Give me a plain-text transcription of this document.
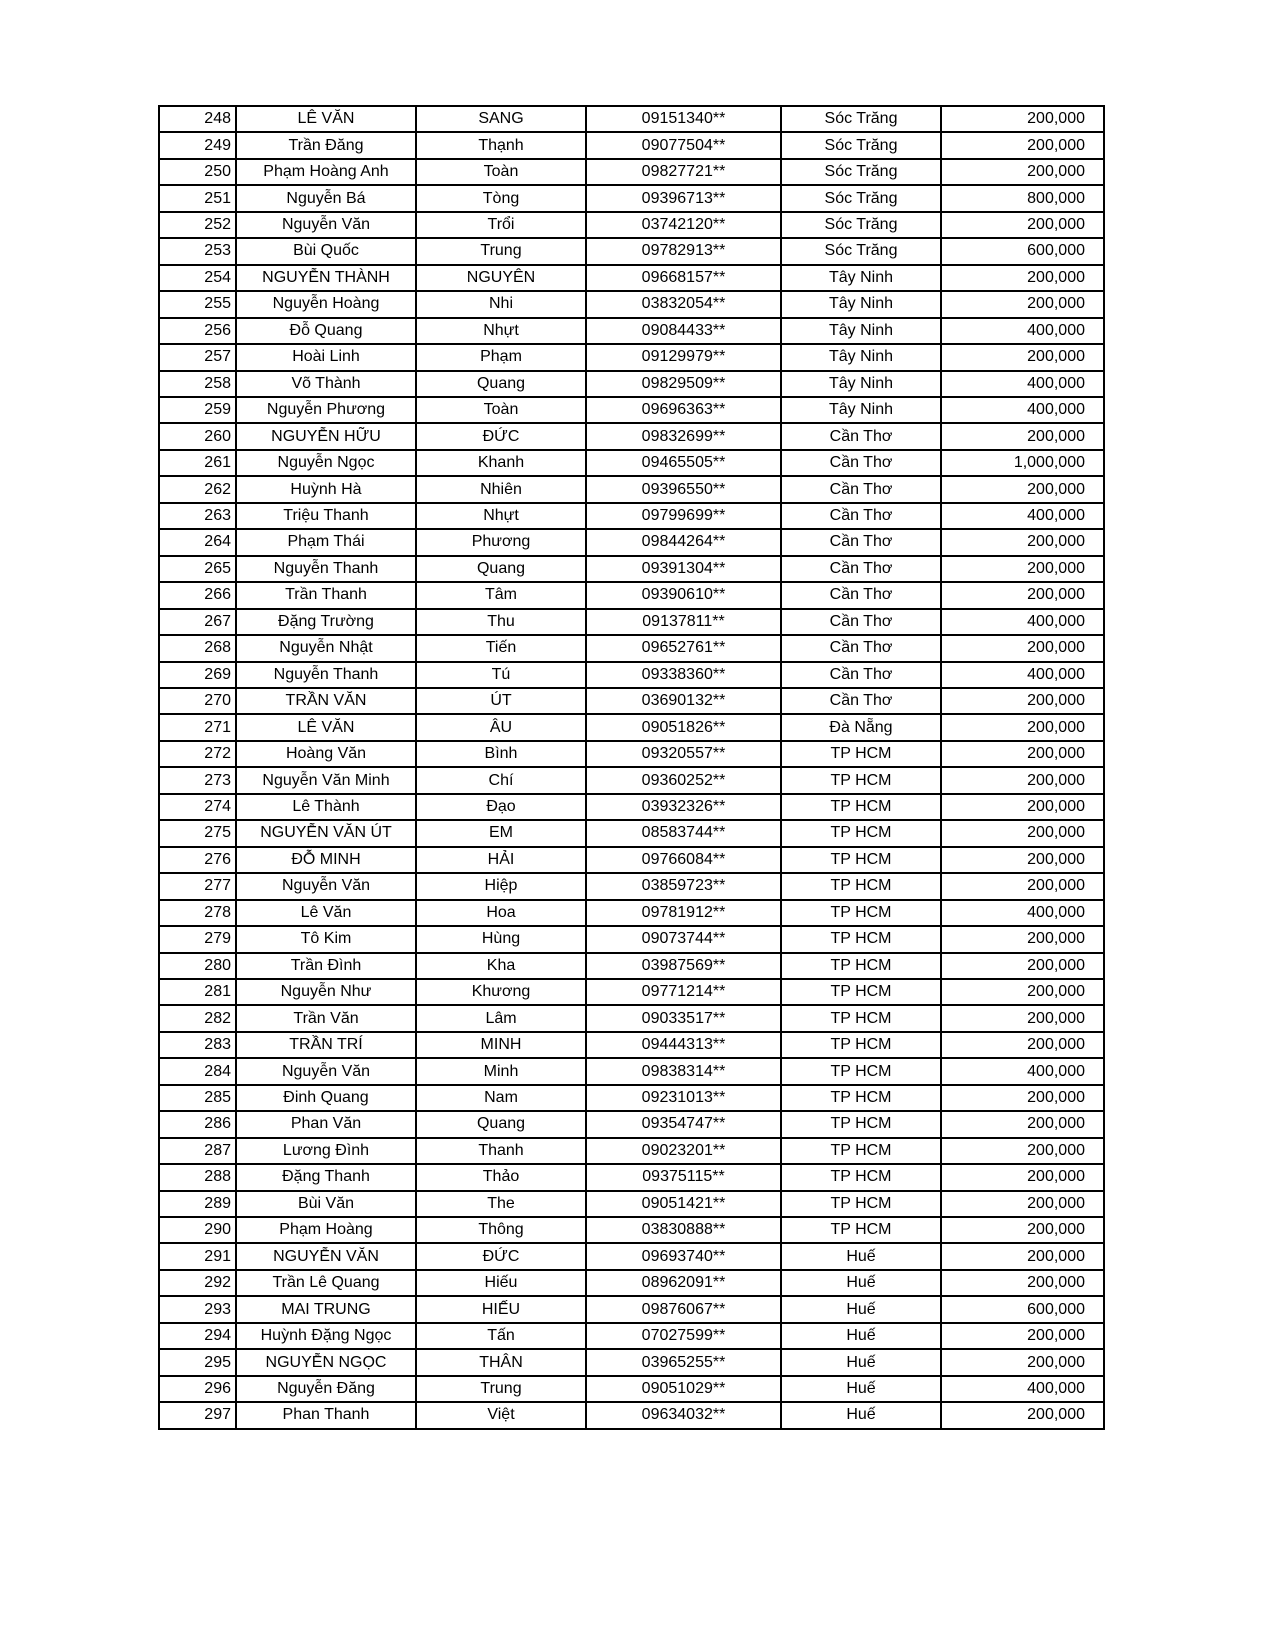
248	LÊ VĂN	SANG	09151340**	Sóc Trăng	200,000
249	Trần Đăng	Thạnh	09077504**	Sóc Trăng	200,000
250	Phạm Hoàng Anh	Toàn	09827721**	Sóc Trăng	200,000
251	Nguyễn Bá	Tòng	09396713**	Sóc Trăng	800,000
252	Nguyễn Văn	Trổi	03742120**	Sóc Trăng	200,000
253	Bùi Quốc	Trung	09782913**	Sóc Trăng	600,000
254	NGUYỄN THÀNH	NGUYÊN	09668157**	Tây Ninh	200,000
255	Nguyễn Hoàng	Nhi	03832054**	Tây Ninh	200,000
256	Đỗ Quang	Nhựt	09084433**	Tây Ninh	400,000
257	Hoài Linh	Phạm	09129979**	Tây Ninh	200,000
258	Võ Thành	Quang	09829509**	Tây Ninh	400,000
259	Nguyễn Phương	Toàn	09696363**	Tây Ninh	400,000
260	NGUYỄN HỮU	ĐỨC	09832699**	Cần Thơ	200,000
261	Nguyễn Ngọc	Khanh	09465505**	Cần Thơ	1,000,000
262	Huỳnh Hà	Nhiên	09396550**	Cần Thơ	200,000
263	Triệu Thanh	Nhựt	09799699**	Cần Thơ	400,000
264	Phạm Thái	Phương	09844264**	Cần Thơ	200,000
265	Nguyễn Thanh	Quang	09391304**	Cần Thơ	200,000
266	Trần Thanh	Tâm	09390610**	Cần Thơ	200,000
267	Đặng Trường	Thu	09137811**	Cần Thơ	400,000
268	Nguyễn Nhật	Tiến	09652761**	Cần Thơ	200,000
269	Nguyễn Thanh	Tú	09338360**	Cần Thơ	400,000
270	TRẦN VĂN	ÚT	03690132**	Cần Thơ	200,000
271	LÊ VĂN	ÂU	09051826**	Đà Nẵng	200,000
272	Hoàng Văn	Bình	09320557**	TP HCM	200,000
273	Nguyễn Văn Minh	Chí	09360252**	TP HCM	200,000
274	Lê Thành	Đạo	03932326**	TP HCM	200,000
275	NGUYỄN VĂN ÚT	EM	08583744**	TP HCM	200,000
276	ĐỖ MINH	HẢI	09766084**	TP HCM	200,000
277	Nguyễn Văn	Hiệp	03859723**	TP HCM	200,000
278	Lê Văn	Hoa	09781912**	TP HCM	400,000
279	Tô Kim	Hùng	09073744**	TP HCM	200,000
280	Trần Đình	Kha	03987569**	TP HCM	200,000
281	Nguyễn Như	Khương	09771214**	TP HCM	200,000
282	Trần Văn	Lâm	09033517**	TP HCM	200,000
283	TRẦN TRÍ	MINH	09444313**	TP HCM	200,000
284	Nguyễn Văn	Minh	09838314**	TP HCM	400,000
285	Đinh Quang	Nam	09231013**	TP HCM	200,000
286	Phan Văn	Quang	09354747**	TP HCM	200,000
287	Lương Đình	Thanh	09023201**	TP HCM	200,000
288	Đặng Thanh	Thảo	09375115**	TP HCM	200,000
289	Bùi Văn	The	09051421**	TP HCM	200,000
290	Phạm Hoàng	Thông	03830888**	TP HCM	200,000
291	NGUYỄN VĂN	ĐỨC	09693740**	Huế	200,000
292	Trần Lê Quang	Hiếu	08962091**	Huế	200,000
293	MAI TRUNG	HIẾU	09876067**	Huế	600,000
294	Huỳnh Đặng Ngọc	Tấn	07027599**	Huế	200,000
295	NGUYỄN NGỌC	THÂN	03965255**	Huế	200,000
296	Nguyễn Đăng	Trung	09051029**	Huế	400,000
297	Phan Thanh	Việt	09634032**	Huế	200,000
